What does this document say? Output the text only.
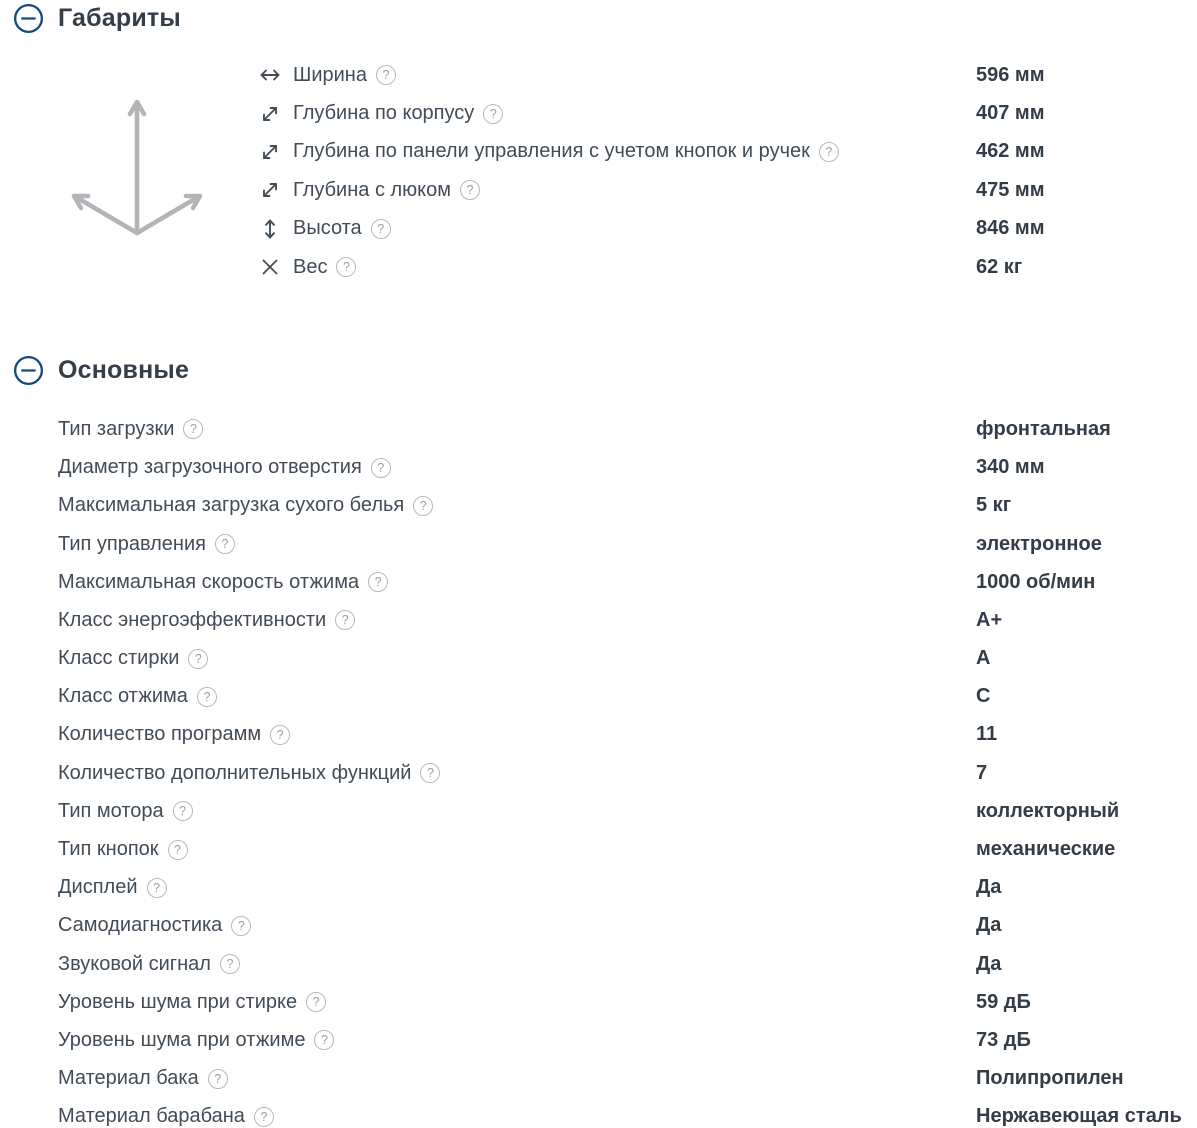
Габариты
Ширина	?	596 мм
Глубина по корпусу	?	407 мм
Глубина по панели управления с учетом кнопок и ручек	?	462 мм
Глубина с люком	?	475 мм
Высота	?	846 мм
Вес	?	62 кг
Основные
Тип загрузки	?	фронтальная
Диаметр загрузочного отверстия	?	340 мм
Максимальная загрузка сухого белья	?	5 кг
Тип управления	?	электронное
Максимальная скорость отжима	?	1000 об/мин
Класс энергоэффективности	?	A+
Класс стирки	?	A
Класс отжима	?	C
Количество программ	?	11
Количество дополнительных функций	?	7
Тип мотора	?	коллекторный
Тип кнопок	?	механические
Дисплей	?	Да
Самодиагностика	?	Да
Звуковой сигнал	?	Да
Уровень шума при стирке	?	59 дБ
Уровень шума при отжиме	?	73 дБ
Материал бака	?	Полипропилен
Материал барабана	?	Нержавеющая сталь
